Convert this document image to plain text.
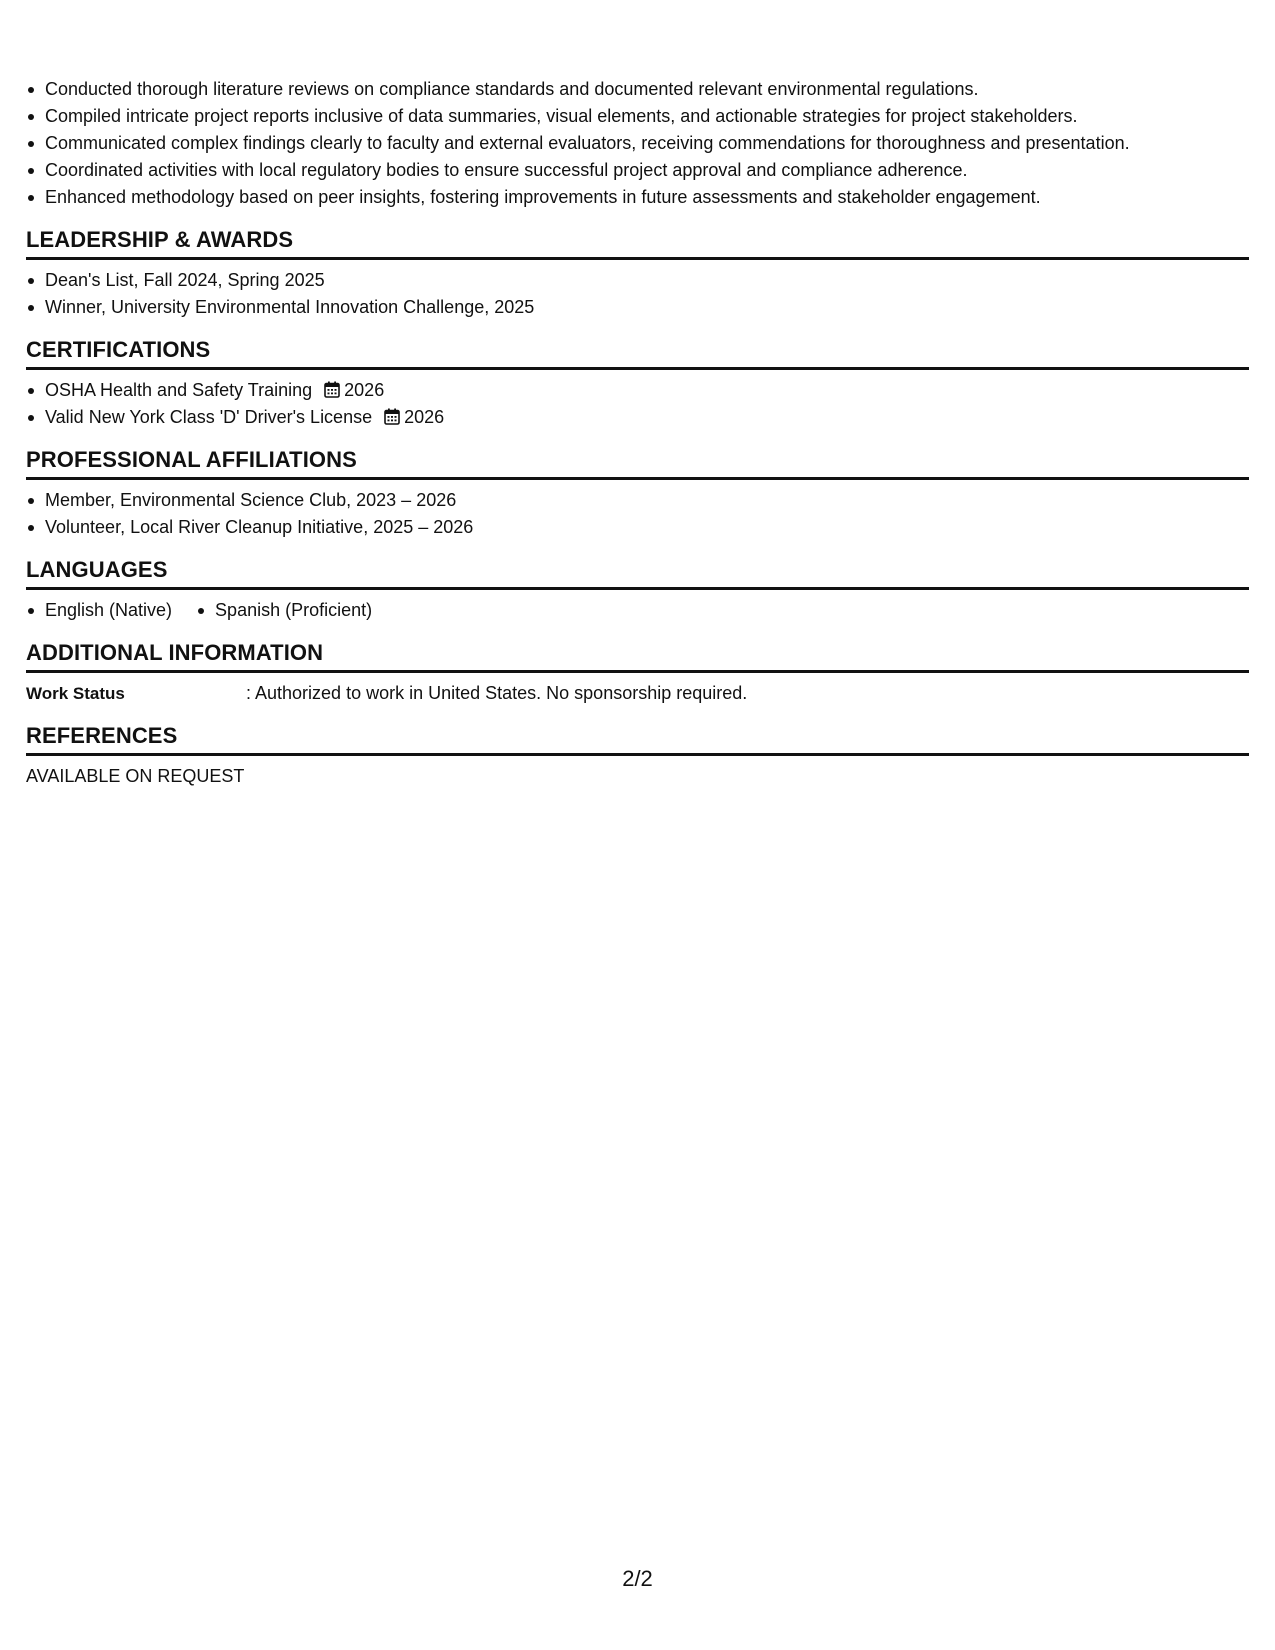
Conducted thorough literature reviews on compliance standards and documented relevant environmental regulations.
Compiled intricate project reports inclusive of data summaries, visual elements, and actionable strategies for project stakeholders.
Communicated complex findings clearly to faculty and external evaluators, receiving commendations for thoroughness and presentation.
Coordinated activities with local regulatory bodies to ensure successful project approval and compliance adherence.
Enhanced methodology based on peer insights, fostering improvements in future assessments and stakeholder engagement.
LEADERSHIP & AWARDS
Dean's List, Fall 2024, Spring 2025
Winner, University Environmental Innovation Challenge, 2025
CERTIFICATIONS
OSHA Health and Safety Training 2026
Valid New York Class 'D' Driver's License 2026
PROFESSIONAL AFFILIATIONS
Member, Environmental Science Club, 2023 – 2026
Volunteer, Local River Cleanup Initiative, 2025 – 2026
LANGUAGES
English (Native)	Spanish (Proficient)
ADDITIONAL INFORMATION
Work Status	: Authorized to work in United States. No sponsorship required.
REFERENCES
AVAILABLE ON REQUEST
2/2
